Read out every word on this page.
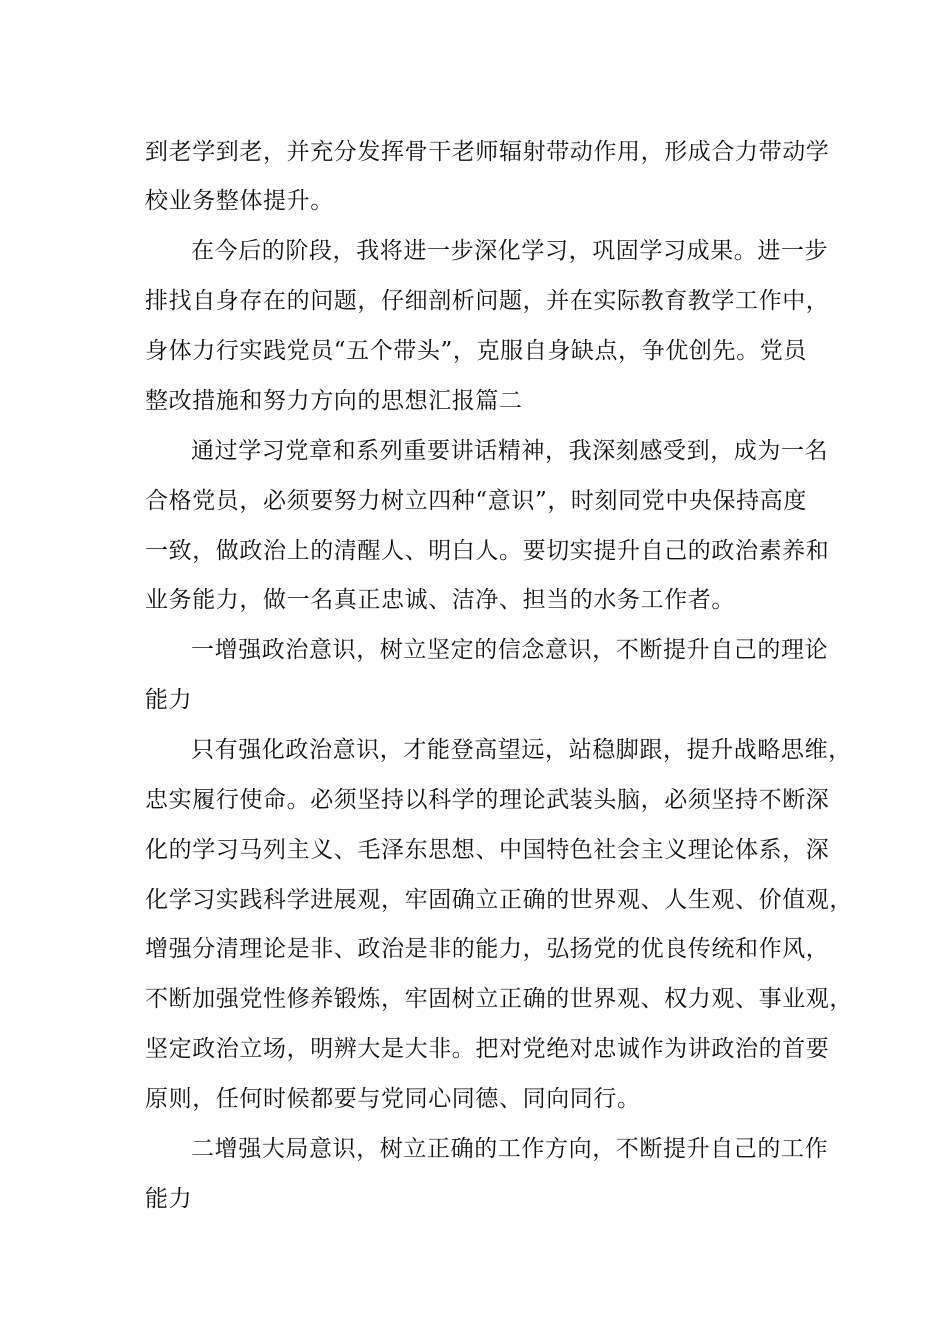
到老学到老，并充分发挥骨干老师辐射带动作用，形成合力带动学
校业务整体提升。
在今后的阶段，我将进一步深化学习，巩固学习成果。进一步
排找自身存在的问题，仔细剖析问题，并在实际教育教学工作中，
身体力行实践党员“五个带头”，克服自身缺点，争优创先。党员
整改措施和努力方向的思想汇报篇二
通过学习党章和系列重要讲话精神，我深刻感受到，成为一名
合格党员，必须要努力树立四种“意识”，时刻同党中央保持高度
一致，做政治上的清醒人、明白人。要切实提升自己的政治素养和
业务能力，做一名真正忠诚、洁净、担当的水务工作者。
一增强政治意识，树立坚定的信念意识，不断提升自己的理论
能力
只有强化政治意识，才能登高望远，站稳脚跟，提升战略思维，
忠实履行使命。必须坚持以科学的理论武装头脑，必须坚持不断深
化的学习马列主义、毛泽东思想、中国特色社会主义理论体系，深
化学习实践科学进展观，牢固确立正确的世界观、人生观、价值观，
增强分清理论是非、政治是非的能力，弘扬党的优良传统和作风，
不断加强党性修养锻炼，牢固树立正确的世界观、权力观、事业观，
坚定政治立场，明辨大是大非。把对党绝对忠诚作为讲政治的首要
原则，任何时候都要与党同心同德、同向同行。
二增强大局意识，树立正确的工作方向，不断提升自己的工作
能力
